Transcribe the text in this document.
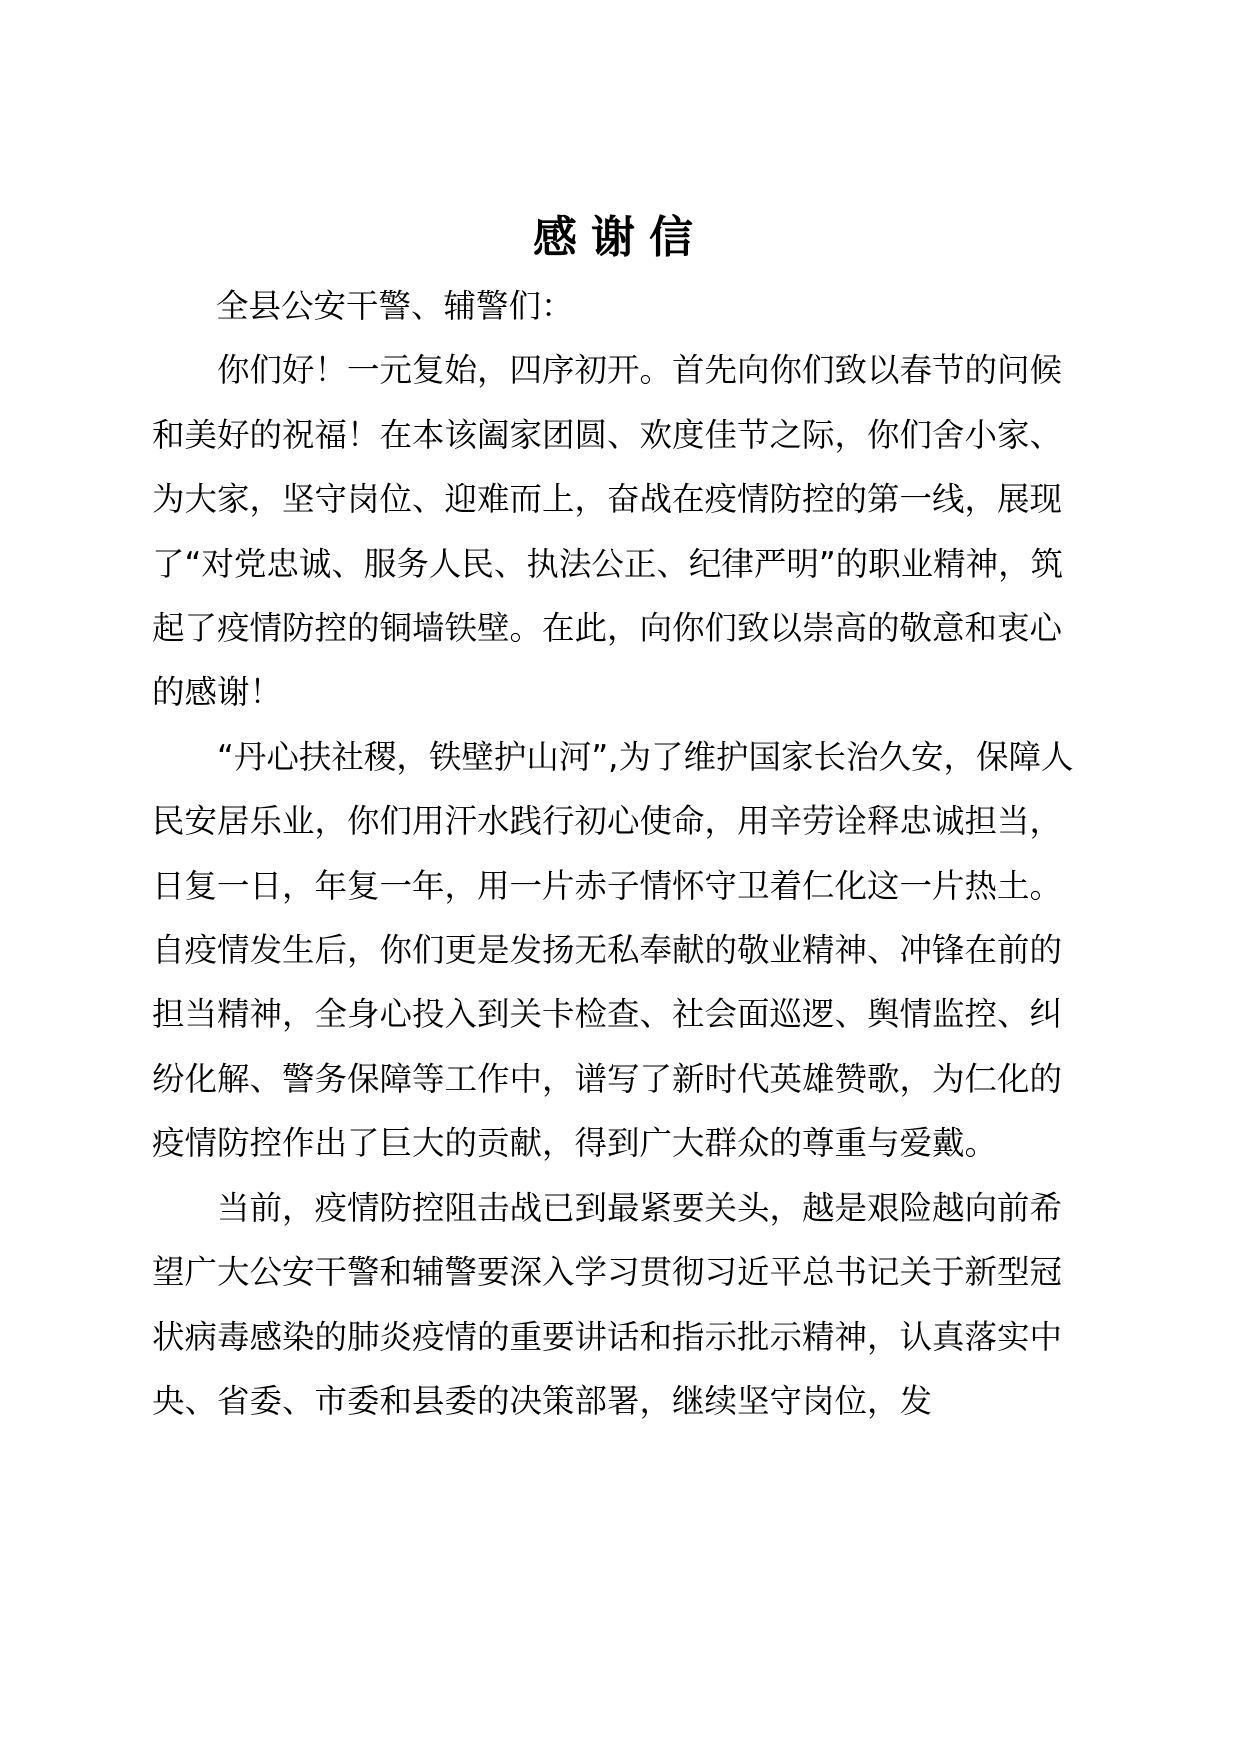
感谢信

全县公安干警、辅警们：

你们好！一元复始，四序初开。首先向你们致以春节的问候和美好的祝福！在本该阖家团圆、欢度佳节之际，你们舍小家、为大家，坚守岗位、迎难而上，奋战在疫情防控的第一线，展现了“对党忠诚、服务人民、执法公正、纪律严明”的职业精神，筑起了疫情防控的铜墙铁壁。在此，向你们致以崇高的敬意和衷心的感谢！

“丹心扶社稷，铁壁护山河”,为了维护国家长治久安，保障人民安居乐业，你们用汗水践行初心使命，用辛劳诠释忠诚担当，日复一日，年复一年，用一片赤子情怀守卫着仁化这一片热土。自疫情发生后，你们更是发扬无私奉献的敬业精神、冲锋在前的担当精神，全身心投入到关卡检查、社会面巡逻、舆情监控、纠纷化解、警务保障等工作中，谱写了新时代英雄赞歌，为仁化的疫情防控作出了巨大的贡献，得到广大群众的尊重与爱戴。

当前，疫情防控阻击战已到最紧要关头，越是艰险越向前希望广大公安干警和辅警要深入学习贯彻习近平总书记关于新型冠状病毒感染的肺炎疫情的重要讲话和指示批示精神，认真落实中央、省委、市委和县委的决策部署，继续坚守岗位，发
